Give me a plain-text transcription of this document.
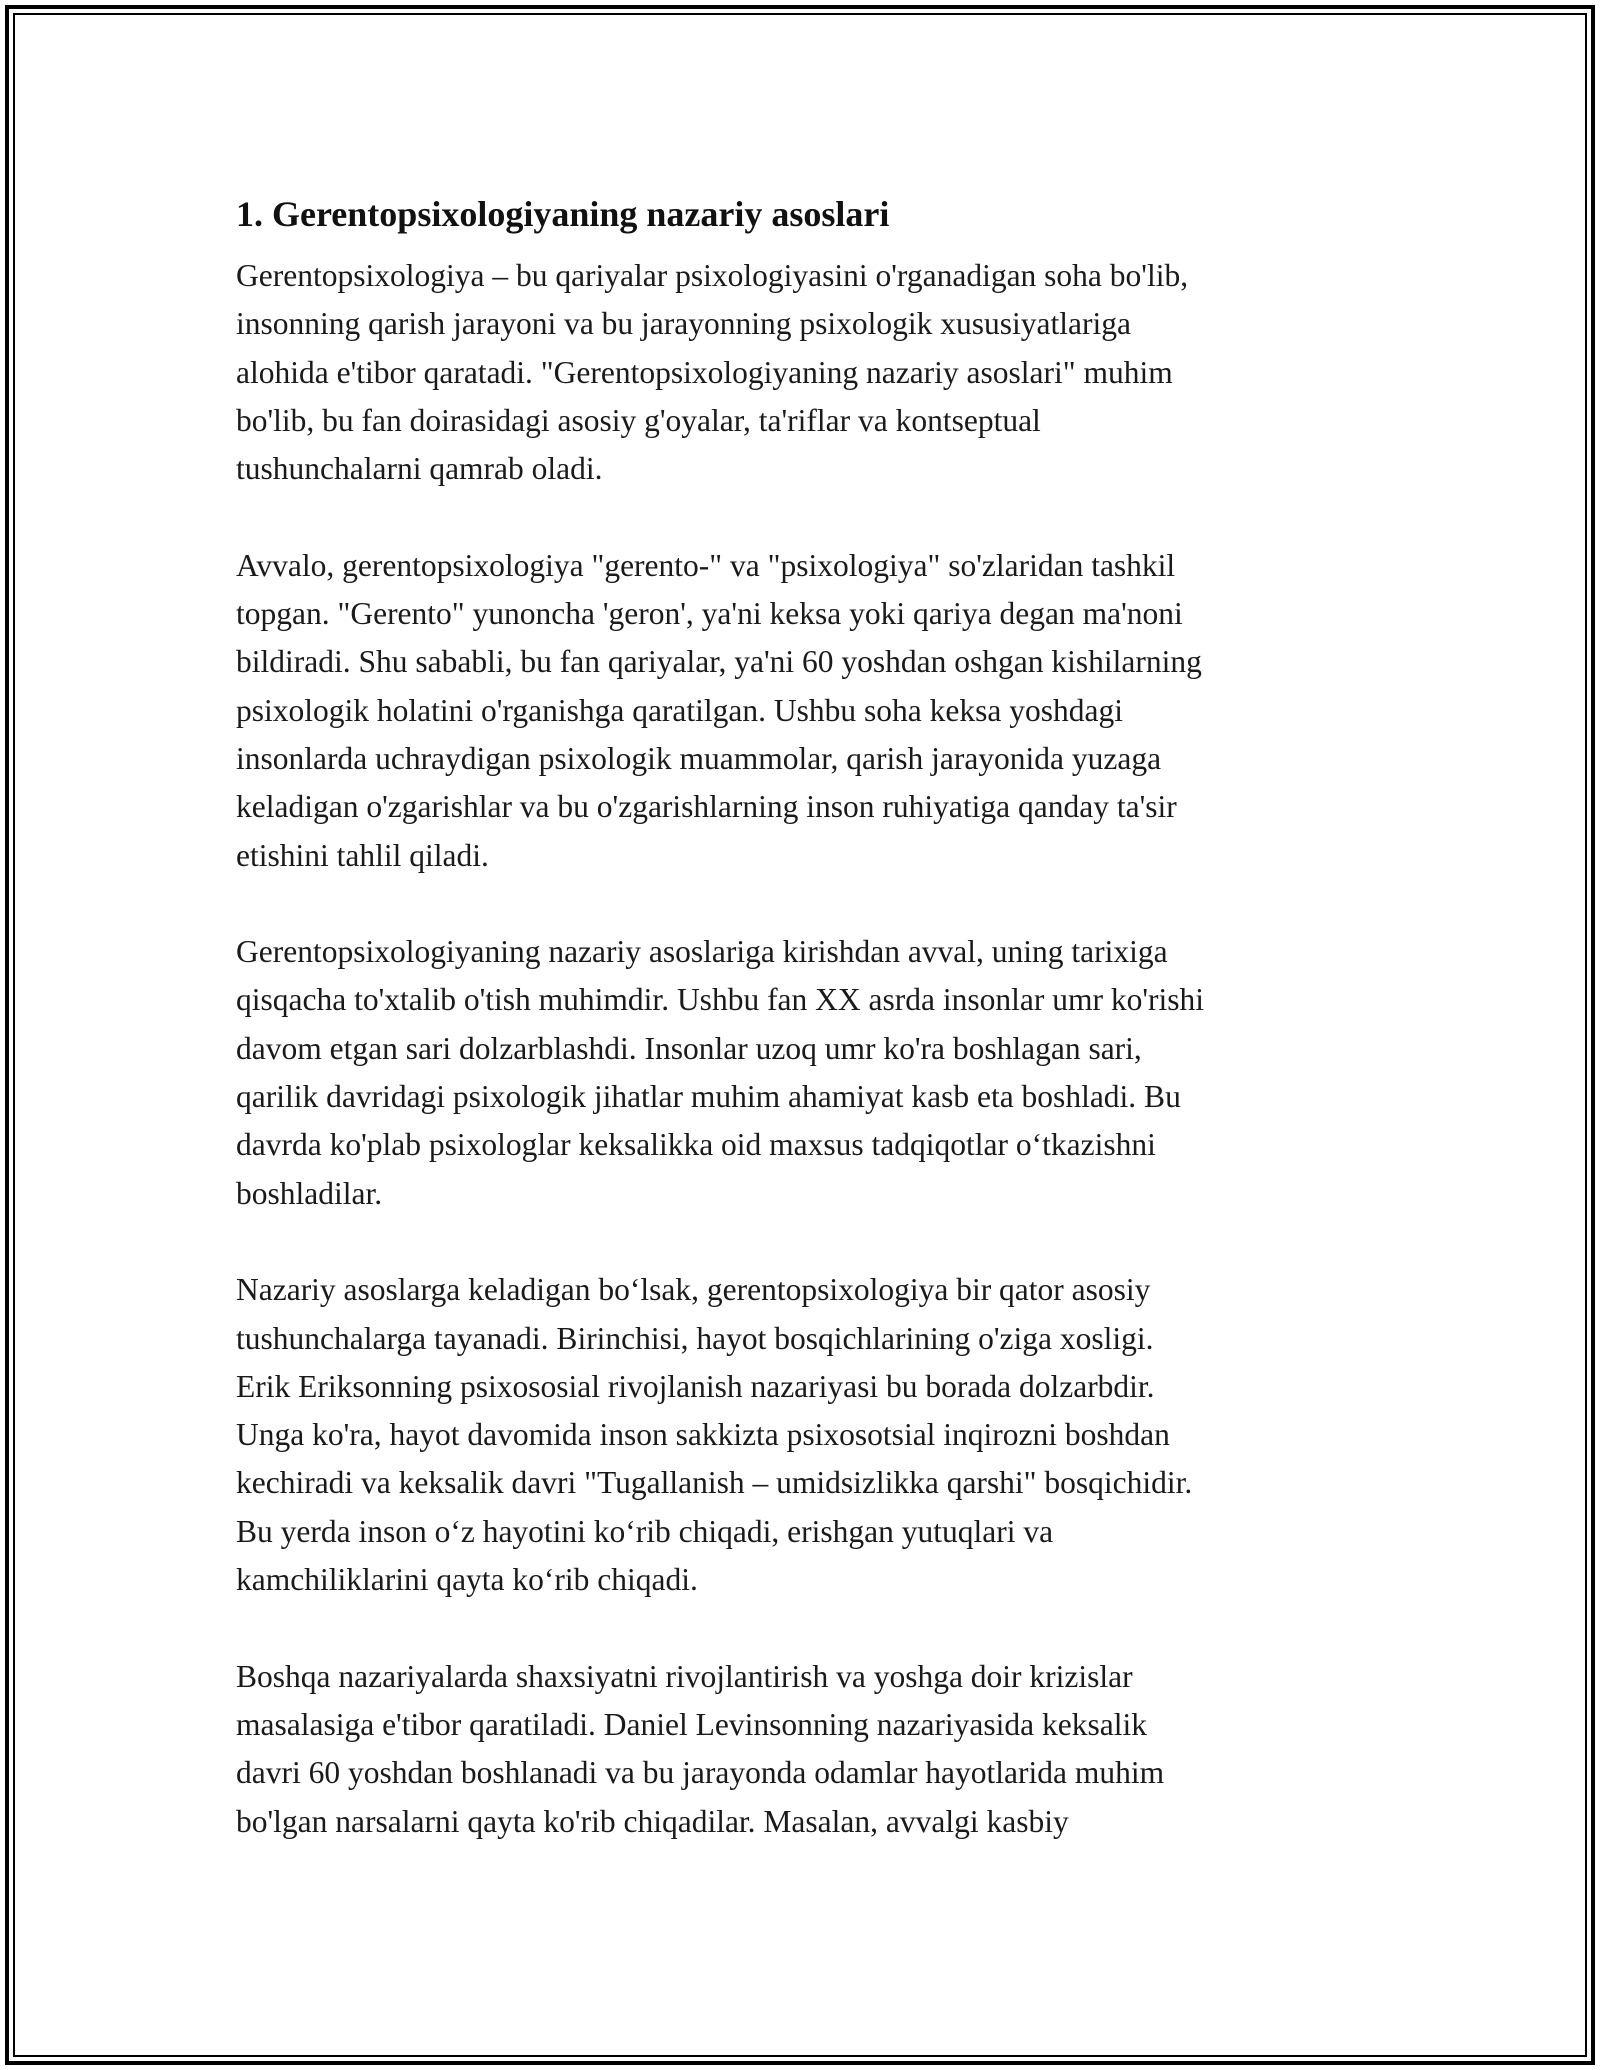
1. Gerentopsixologiyaning nazariy asoslari

Gerentopsixologiya – bu qariyalar psixologiyasini o'rganadigan soha bo'lib,
insonning qarish jarayoni va bu jarayonning psixologik xususiyatlariga
alohida e'tibor qaratadi. "Gerentopsixologiyaning nazariy asoslari" muhim
bo'lib, bu fan doirasidagi asosiy g'oyalar, ta'riflar va kontseptual
tushunchalarni qamrab oladi.

Avvalo, gerentopsixologiya "gerento-" va "psixologiya" so'zlaridan tashkil
topgan. "Gerento" yunoncha 'geron', ya'ni keksa yoki qariya degan ma'noni
bildiradi. Shu sababli, bu fan qariyalar, ya'ni 60 yoshdan oshgan kishilarning
psixologik holatini o'rganishga qaratilgan. Ushbu soha keksa yoshdagi
insonlarda uchraydigan psixologik muammolar, qarish jarayonida yuzaga
keladigan o'zgarishlar va bu o'zgarishlarning inson ruhiyatiga qanday ta'sir
etishini tahlil qiladi.

Gerentopsixologiyaning nazariy asoslariga kirishdan avval, uning tarixiga
qisqacha to'xtalib o'tish muhimdir. Ushbu fan XX asrda insonlar umr ko'rishi
davom etgan sari dolzarblashdi. Insonlar uzoq umr ko'ra boshlagan sari,
qarilik davridagi psixologik jihatlar muhim ahamiyat kasb eta boshladi. Bu
davrda ko'plab psixologlar keksalikka oid maxsus tadqiqotlar o‘tkazishni
boshladilar.

Nazariy asoslarga keladigan bo‘lsak, gerentopsixologiya bir qator asosiy
tushunchalarga tayanadi. Birinchisi, hayot bosqichlarining o'ziga xosligi.
Erik Eriksonning psixososial rivojlanish nazariyasi bu borada dolzarbdir.
Unga ko'ra, hayot davomida inson sakkizta psixosotsial inqirozni boshdan
kechiradi va keksalik davri "Tugallanish – umidsizlikka qarshi" bosqichidir.
Bu yerda inson o‘z hayotini ko‘rib chiqadi, erishgan yutuqlari va
kamchiliklarini qayta ko‘rib chiqadi.

Boshqa nazariyalarda shaxsiyatni rivojlantirish va yoshga doir krizislar
masalasiga e'tibor qaratiladi. Daniel Levinsonning nazariyasida keksalik
davri 60 yoshdan boshlanadi va bu jarayonda odamlar hayotlarida muhim
bo'lgan narsalarni qayta ko'rib chiqadilar. Masalan, avvalgi kasbiy
